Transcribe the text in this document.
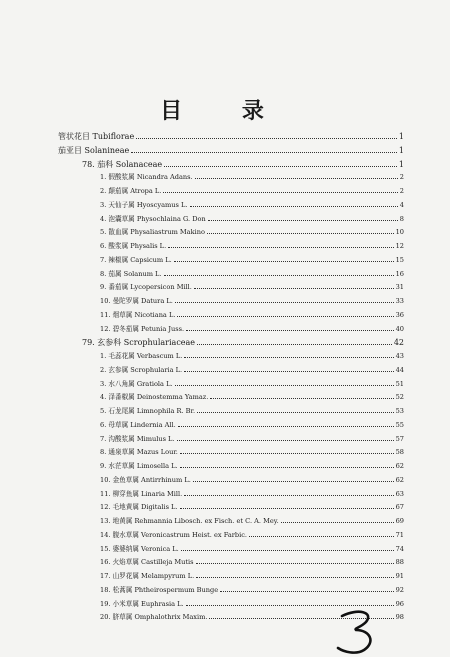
目 录
管状花目 Tubiflorae	1
茄亚目 Solanineae	1
78. 茄科 Solanaceae	1
1. 假酸浆属 Nicandra Adans.	2
2. 颠茄属 Atropa L.	2
3. 天仙子属 Hyoscyamus L.	4
4. 泡囊草属 Physochlaina G. Don	8
5. 散血属 Physaliastrum Makino	10
6. 酸浆属 Physalis L.	12
7. 辣椒属 Capsicum L.	15
8. 茄属 Solanum L.	16
9. 番茄属 Lycopersicon Mill.	31
10. 曼陀罗属 Datura L.	33
11. 烟草属 Nicotiana L.	36
12. 碧冬茄属 Petunia Juss.	40
79. 玄参科 Scrophulariaceae	42
1. 毛蕊花属 Verbascum L.	43
2. 玄参属 Scrophularia L.	44
3. 水八角属 Gratiola L.	51
4. 泽番椒属 Deinostemma Yamaz.	52
5. 石龙尾属 Limnophila R. Br.	53
6. 母草属 Lindernia All.	55
7. 沟酸浆属 Mimulus L.	57
8. 通泉草属 Mazus Lour.	58
9. 水茫草属 Limosella L.	62
10. 金鱼草属 Antirrhinum L.	62
11. 柳穿鱼属 Linaria Mill.	63
12. 毛地黄属 Digitalis L.	67
13. 地黄属 Rehmannia Libosch. ex Fisch. et C. A. Mey.	69
14. 腹水草属 Veronicastrum Heist. ex Farbic.	71
15. 婆婆纳属 Veronica L.	74
16. 火焰草属 Castilleja Mutis	88
17. 山罗花属 Melampyrum L.	91
18. 松蒿属 Phtheirospermum Bunge	92
19. 小米草属 Euphrasia L.	96
20. 脐草属 Omphalothrix Maxim.	98
